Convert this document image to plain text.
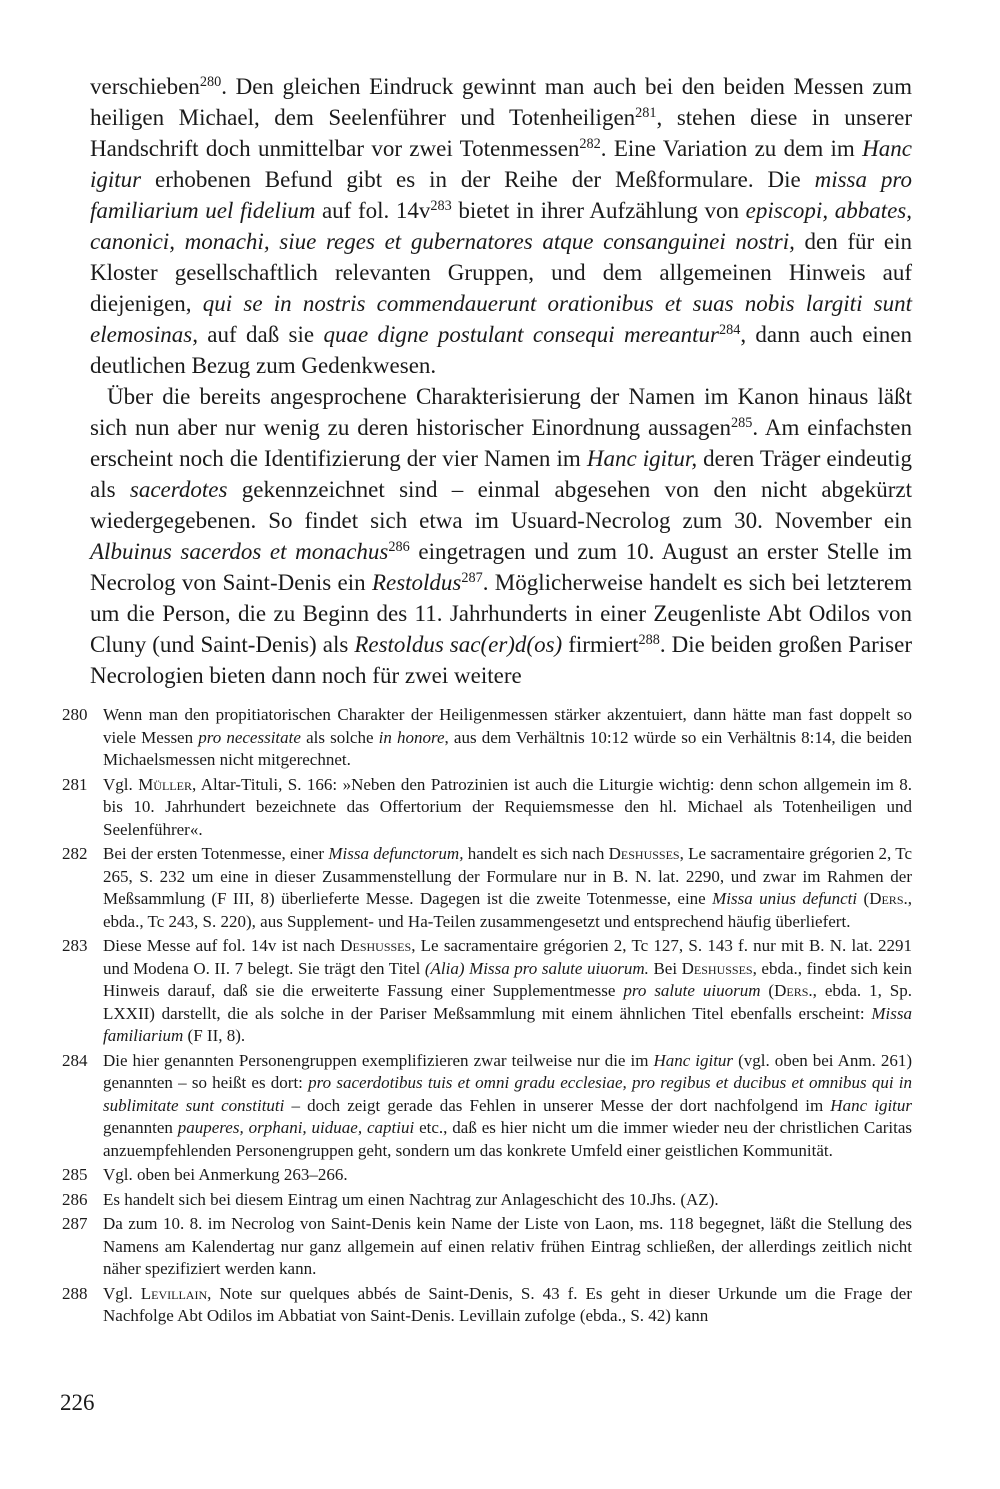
verschieben$^{280}$. Den gleichen Eindruck gewinnt man auch bei den beiden Messen zum heiligen Michael, dem Seelenführer und Totenheiligen$^{281}$, stehen diese in unserer Handschrift doch unmittelbar vor zwei Totenmessen$^{282}$. Eine Variation zu dem im Hanc igitur erhobenen Befund gibt es in der Reihe der Meßformulare. Die missa pro familiarium uel fidelium auf fol. $14v^{283}$ bietet in ihrer Aufzählung von episcopi, abbates, canonici, monachi, siue reges et gubernatores atque consanguinei nostri, den für ein Kloster gesellschaftlich relevanten Gruppen, und dem allgemeinen Hinweis auf diejenigen, qui se in nostris commendauerunt orationibus et suas nobis largiti sunt elemosinas, auf daß sie quae digne postulant consequi mereantur$^{284}$, dann auch einen deutlichen Bezug zum Gedenkwesen.

Über die bereits angesprochene Charakterisierung der Namen im Kanon hinaus läßt sich nun aber nur wenig zu deren historischer Einordnung aussagen$^{285}$. Am einfachsten erscheint noch die Identifizierung der vier Namen im Hanc igitur, deren Träger eindeutig als sacerdotes gekennzeichnet sind – einmal abgesehen von den nicht abgekürzt wiedergegebenen. So findet sich etwa im Usuard-Necrolog zum 30. November ein Albuinus sacerdos et monachus$^{286}$ eingetragen und zum 10. August an erster Stelle im Necrolog von Saint-Denis ein Restoldus$^{287}$. Möglicherweise handelt es sich bei letzterem um die Person, die zu Beginn des 11. Jahrhunderts in einer Zeugenliste Abt Odilos von Cluny (und Saint-Denis) als Restoldus sac(er)d(os) firmiert$^{288}$. Die beiden großen Pariser Necrologien bieten dann noch für zwei weitere

280 Wenn man den propitiatorischen Charakter der Heiligenmessen stärker akzentuiert, dann hätte man fast doppelt so viele Messen pro necessitate als solche in honore, aus dem Verhältnis 10:12 würde so ein Verhältnis 8:14, die beiden Michaelsmessen nicht mitgerechnet.
281 Vgl. Müller, Altar-Tituli, S. 166: »Neben den Patrozinien ist auch die Liturgie wichtig: denn schon allgemein im 8. bis 10. Jahrhundert bezeichnete das Offertorium der Requiemsmesse den hl. Michael als Totenheiligen und Seelenführer«.
282 Bei der ersten Totenmesse, einer Missa defunctorum, handelt es sich nach Deshusses, Le sacramentaire grégorien 2, Tc 265, S. 232 um eine in dieser Zusammenstellung der Formulare nur in B. N. lat. 2290, und zwar im Rahmen der Meßsammlung (F III, 8) überlieferte Messe. Dagegen ist die zweite Totenmesse, eine Missa unius defuncti (Ders., ebda., Tc 243, S. 220), aus Supplement- und Ha-Teilen zusammengesetzt und entsprechend häufig überliefert.
283 Diese Messe auf fol. 14v ist nach Deshusses, Le sacramentaire grégorien 2, Tc 127, S. 143 f. nur mit B. N. lat. 2291 und Modena O. II. 7 belegt. Sie trägt den Titel (Alia) Missa pro salute uiuorum. Bei Deshusses, ebda., findet sich kein Hinweis darauf, daß sie die erweiterte Fassung einer Supplementmesse pro salute uiuorum (Ders., ebda. 1, Sp. LXXII) darstellt, die als solche in der Pariser Meßsammlung mit einem ähnlichen Titel ebenfalls erscheint: Missa familiarium (F II, 8).
284 Die hier genannten Personengruppen exemplifizieren zwar teilweise nur die im Hanc igitur (vgl. oben bei Anm. 261) genannten – so heißt es dort: pro sacerdotibus tuis et omni gradu ecclesiae, pro regibus et ducibus et omnibus qui in sublimitate sunt constituti – doch zeigt gerade das Fehlen in unserer Messe der dort nachfolgend im Hanc igitur genannten pauperes, orphani, uiduae, captiui etc., daß es hier nicht um die immer wieder neu der christlichen Caritas anzuempfehlenden Personengruppen geht, sondern um das konkrete Umfeld einer geistlichen Kommunität.
285 Vgl. oben bei Anmerkung 263–266.
286 Es handelt sich bei diesem Eintrag um einen Nachtrag zur Anlageschicht des 10.Jhs. (AZ).
287 Da zum 10. 8. im Necrolog von Saint-Denis kein Name der Liste von Laon, ms. 118 begegnet, läßt die Stellung des Namens am Kalendertag nur ganz allgemein auf einen relativ frühen Eintrag schließen, der allerdings zeitlich nicht näher spezifiziert werden kann.
288 Vgl. Levillain, Note sur quelques abbés de Saint-Denis, S. 43 f. Es geht in dieser Urkunde um die Frage der Nachfolge Abt Odilos im Abbatiat von Saint-Denis. Levillain zufolge (ebda., S. 42) kann
226
